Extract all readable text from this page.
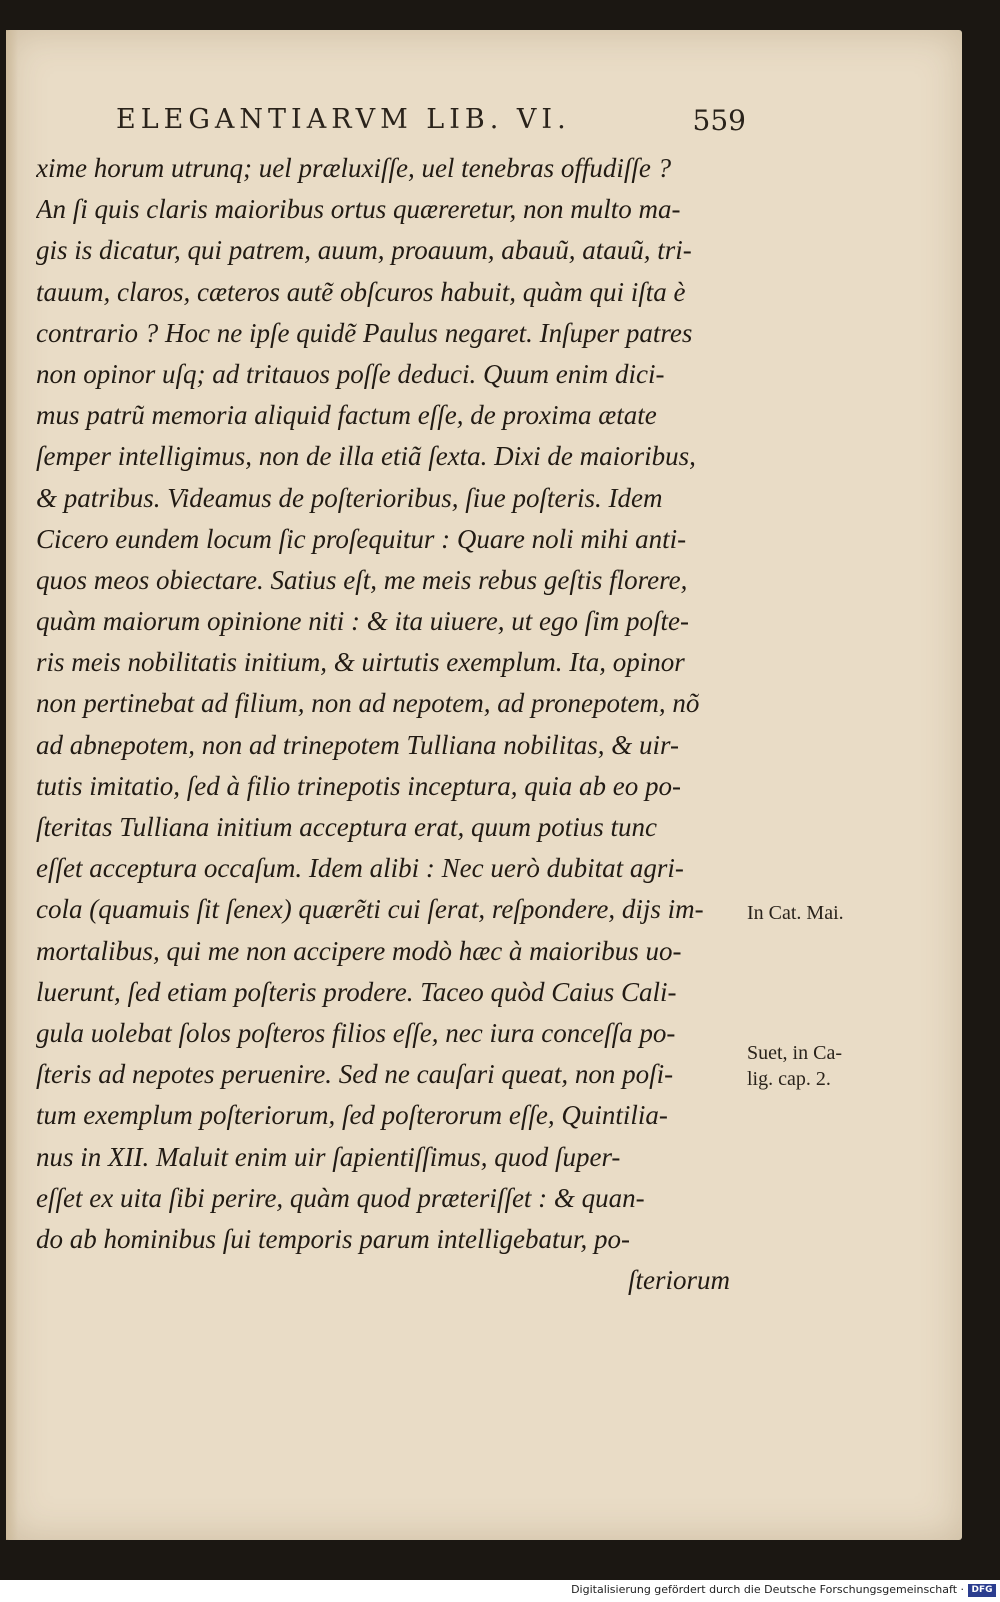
ELEGANTIARVM LIB. VI.	559
xime horum utrunq; uel præluxiſſe, uel tenebras offudiſſe ?
An ſi quis claris maioribus ortus quæreretur, non multo ma-
gis is dicatur, qui patrem, auum, proauum, abauũ, atauũ, tri-
tauum, claros, cæteros autẽ obſcuros habuit, quàm qui iſta è
contrario ? Hoc ne ipſe quidẽ Paulus negaret. Inſuper patres
non opinor uſq; ad tritauos poſſe deduci. Quum enim dici-
mus patrũ memoria aliquid factum eſſe, de proxima ætate
ſemper intelligimus, non de illa etiã ſexta. Dixi de maioribus,
& patribus. Videamus de poſterioribus, ſiue poſteris. Idem
Cicero eundem locum ſic proſequitur : Quare noli mihi anti-
quos meos obiectare. Satius eſt, me meis rebus geſtis florere,
quàm maiorum opinione niti : & ita uiuere, ut ego ſim poſte-
ris meis nobilitatis initium, & uirtutis exemplum. Ita, opinor
non pertinebat ad filium, non ad nepotem, ad pronepotem, nõ
ad abnepotem, non ad trinepotem Tulliana nobilitas, & uir-
tutis imitatio, ſed à filio trinepotis inceptura, quia ab eo po-
ſteritas Tulliana initium acceptura erat, quum potius tunc
eſſet acceptura occaſum. Idem alibi : Nec uerò dubitat agri-
cola (quamuis ſit ſenex) quærẽti cui ſerat, reſpondere, dijs im-
mortalibus, qui me non accipere modò hæc à maioribus uo-
luerunt, ſed etiam poſteris prodere. Taceo quòd Caius Cali-
gula uolebat ſolos poſteros filios eſſe, nec iura conceſſa po-
ſteris ad nepotes peruenire. Sed ne cauſari queat, non poſi-
tum exemplum poſteriorum, ſed poſterorum eſſe, Quintilia-
nus in XII. Maluit enim uir ſapientiſſimus, quod ſuper-
eſſet ex uita ſibi perire, quàm quod præteriſſet : & quan-
do ab hominibus ſui temporis parum intelligebatur, po-
ſteriorum
In Cat. Mai.
Suet, in Ca-
lig. cap. 2.
Digitalisierung gefördert durch die Deutsche Forschungsgemeinschaft · DFG
